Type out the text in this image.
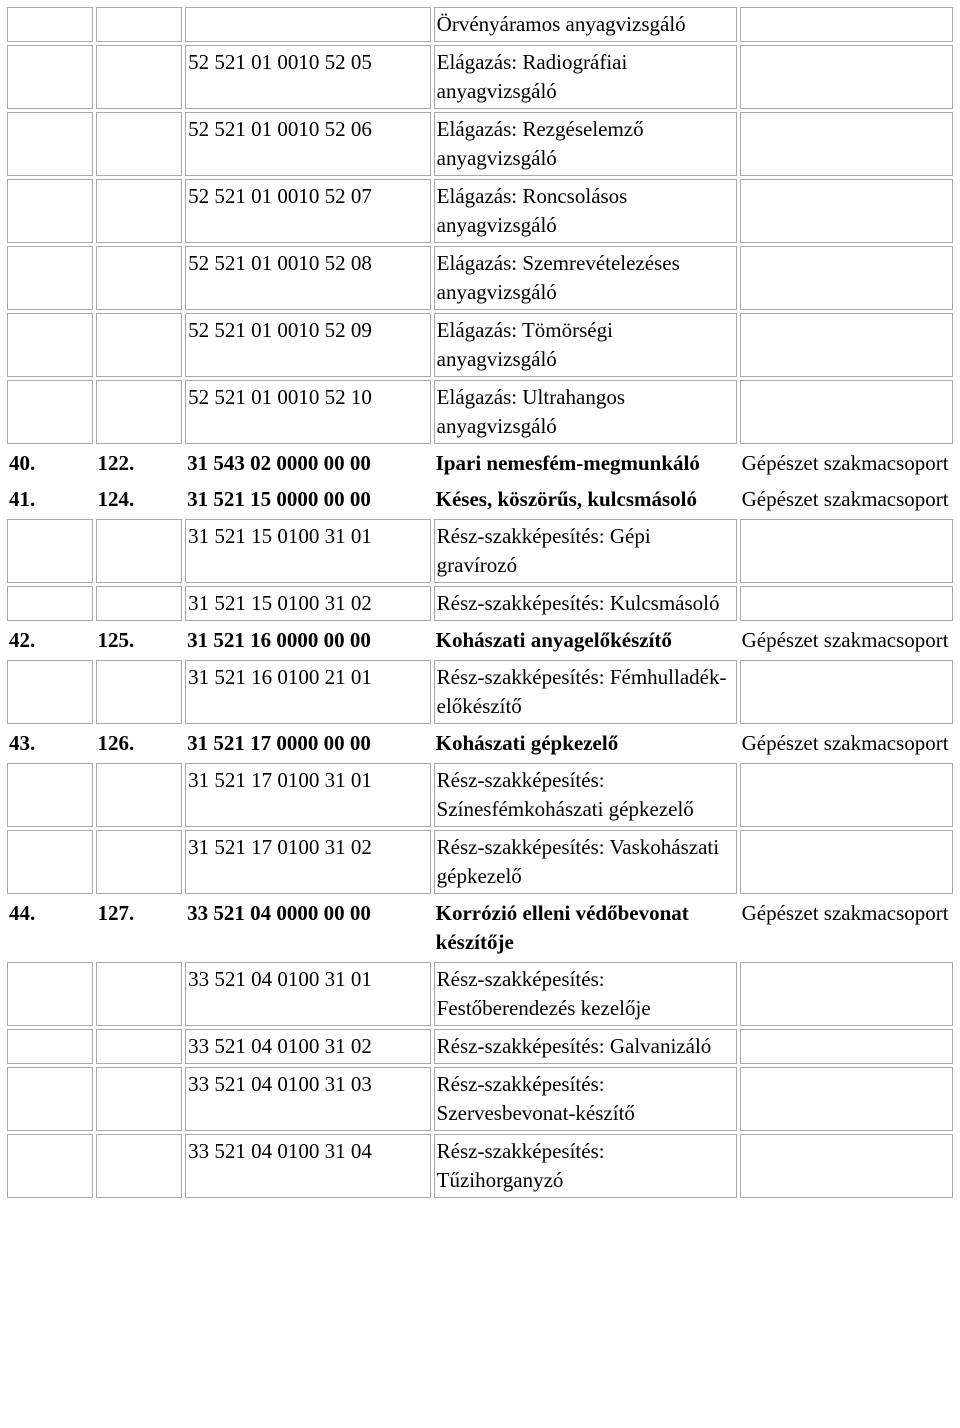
			Örvényáramos anyagvizsgáló	
		52 521 01 0010 52 05	Elágazás: Radiográfiai anyagvizsgáló	
		52 521 01 0010 52 06	Elágazás: Rezgéselemző anyagvizsgáló	
		52 521 01 0010 52 07	Elágazás: Roncsolásos anyagvizsgáló	
		52 521 01 0010 52 08	Elágazás: Szemrevételezéses anyagvizsgáló	
		52 521 01 0010 52 09	Elágazás: Tömörségi anyagvizsgáló	
		52 521 01 0010 52 10	Elágazás: Ultrahangos anyagvizsgáló	
40.	122.	31 543 02 0000 00 00	Ipari nemesfém-megmunkáló	Gépészet szakmacsoport
41.	124.	31 521 15 0000 00 00	Késes, köszörűs, kulcsmásoló	Gépészet szakmacsoport
		31 521 15 0100 31 01	Rész-szakképesítés: Gépi gravírozó	
		31 521 15 0100 31 02	Rész-szakképesítés: Kulcsmásoló	
42.	125.	31 521 16 0000 00 00	Kohászati anyagelőkészítő	Gépészet szakmacsoport
		31 521 16 0100 21 01	Rész-szakképesítés: Fémhulladék-előkészítő	
43.	126.	31 521 17 0000 00 00	Kohászati gépkezelő	Gépészet szakmacsoport
		31 521 17 0100 31 01	Rész-szakképesítés: Színesfémkohászati gépkezelő	
		31 521 17 0100 31 02	Rész-szakképesítés: Vaskohászati gépkezelő	
44.	127.	33 521 04 0000 00 00	Korrózió elleni védőbevonat készítője	Gépészet szakmacsoport
		33 521 04 0100 31 01	Rész-szakképesítés: Festőberendezés kezelője	
		33 521 04 0100 31 02	Rész-szakképesítés: Galvanizáló	
		33 521 04 0100 31 03	Rész-szakképesítés: Szervesbevonat-készítő	
		33 521 04 0100 31 04	Rész-szakképesítés: Tűzihorganyzó	
